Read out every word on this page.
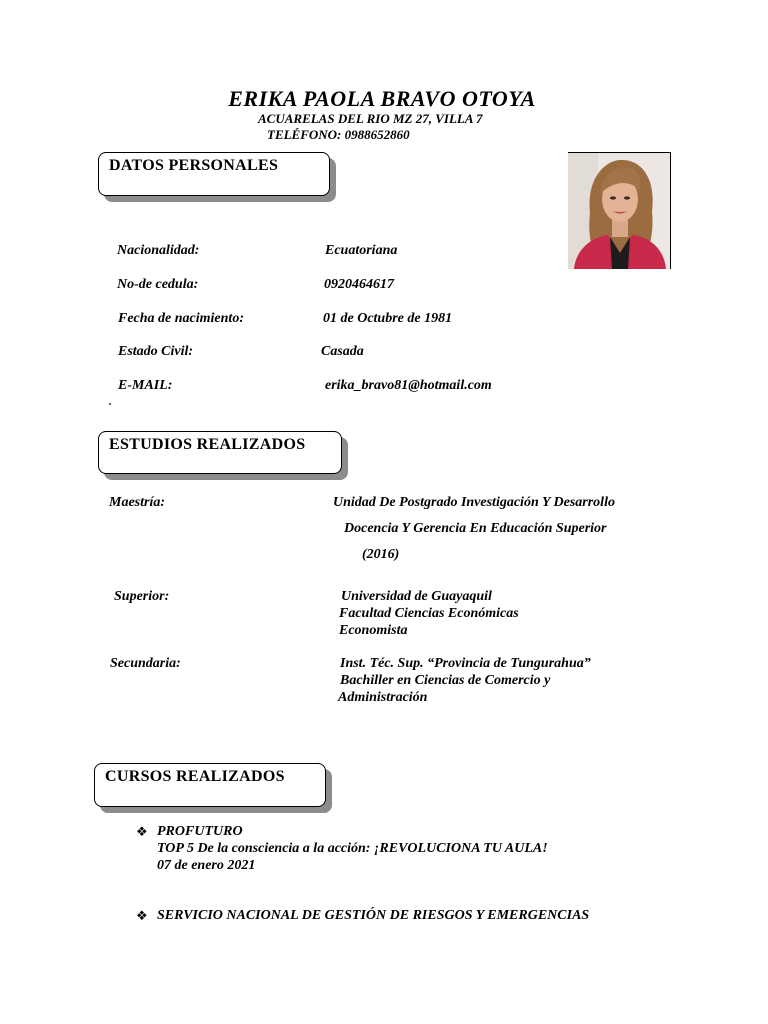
ERIKA PAOLA BRAVO OTOYA
ACUARELAS DEL RIO MZ 27, VILLA 7
TELÉFONO: 0988652860
DATOS PERSONALES
Nacionalidad:	Ecuatoriana
No-de cedula:	0920464617
Fecha de nacimiento:	01 de Octubre de 1981
Estado Civil:	Casada
E-MAIL:	erika_bravo81@hotmail.com
ESTUDIOS REALIZADOS
Maestría:	Unidad De Postgrado Investigación Y Desarrollo
Docencia Y Gerencia En Educación Superior
(2016)
Superior:	Universidad de Guayaquil
Facultad Ciencias Económicas
Economista
Secundaria:	Inst. Téc. Sup. “Provincia de Tungurahua”
Bachiller en Ciencias de Comercio y
Administración
CURSOS REALIZADOS
❖ PROFUTURO
TOP 5 De la consciencia a la acción: ¡REVOLUCIONA TU AULA!
07 de enero 2021
❖ SERVICIO NACIONAL DE GESTIÓN DE RIESGOS Y EMERGENCIAS
